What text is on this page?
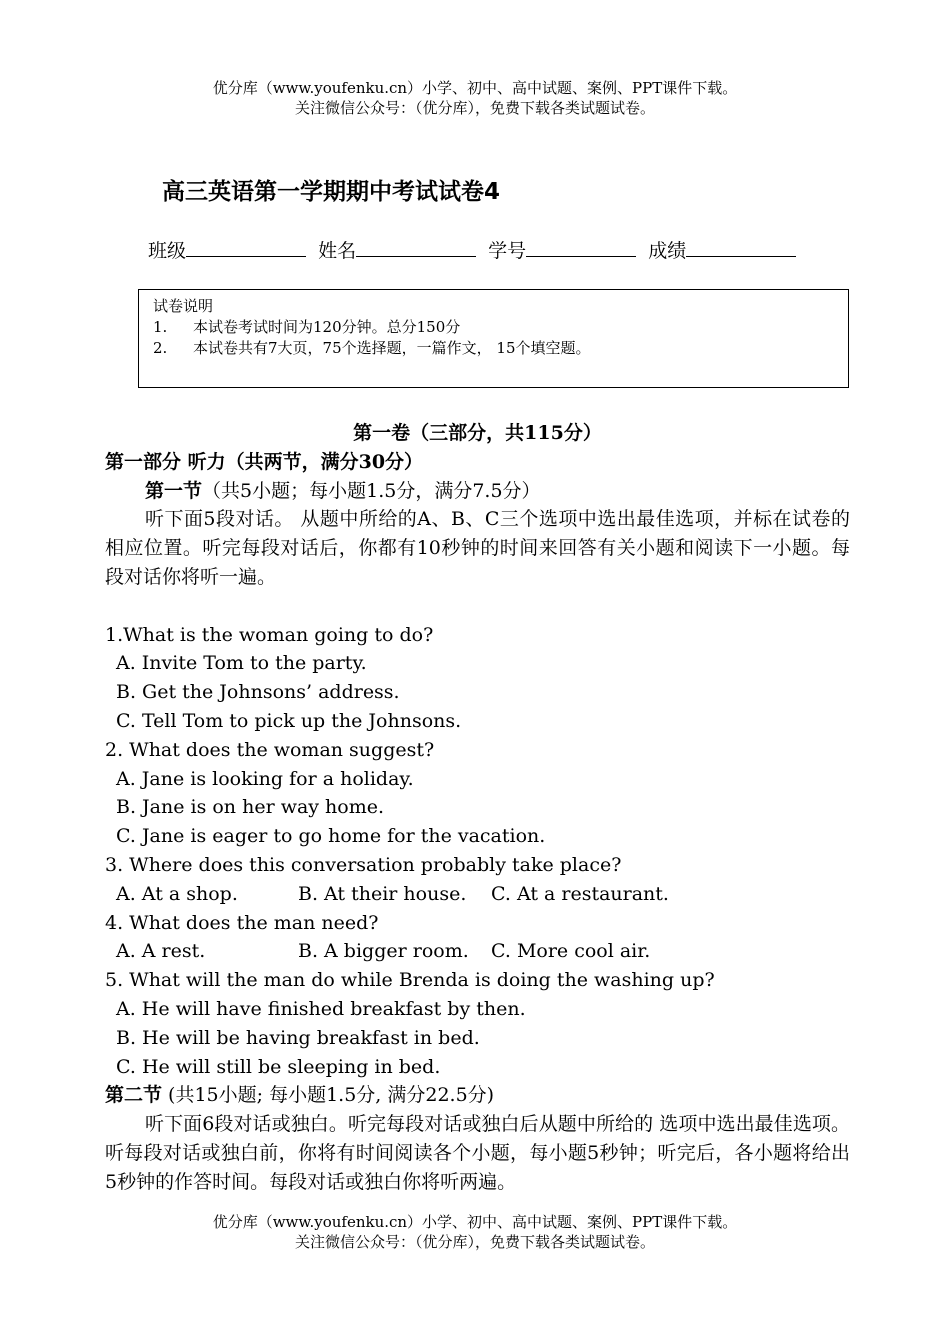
优分库（www.youfenku.cn）小学、初中、高中试题、案例、PPT课件下载。
关注微信公众号：（优分库），免费下载各类试题试卷。
高三英语第一学期期中考试试卷4
班级	姓名	学号	成绩
试卷说明
1. 本试卷考试时间为120分钟。总分150分
2. 本试卷共有7大页，75个选择题，一篇作文， 15个填空题。
第一卷（三部分，共115分）
第一部分 听力（共两节，满分30分）
第一节（共5小题；每小题1.5分，满分7.5分）
听下面5段对话。 从题中所给的A、B、C三个选项中选出最佳选项，并标在试卷的相应位置。听完每段对话后，你都有10秒钟的时间来回答有关小题和阅读下一小题。每段对话你将听一遍。
1.What is the woman going to do?
A. Invite Tom to the party.
B. Get the Johnsons’ address.
C. Tell Tom to pick up the Johnsons.
2. What does the woman suggest?
A. Jane is looking for a holiday.
B. Jane is on her way home.
C. Jane is eager to go home for the vacation.
3. Where does this conversation probably take place?
A. At a shop.	B. At their house. C. At a restaurant.
4. What does the man need?
A. A rest.	B. A bigger room. C. More cool air.
5. What will the man do while Brenda is doing the washing up?
A. He will have finished breakfast by then.
B. He will be having breakfast in bed.
C. He will still be sleeping in bed.
第二节 (共15小题; 每小题1.5分, 满分22.5分)
听下面6段对话或独白。听完每段对话或独白后从题中所给的 选项中选出最佳选项。听每段对话或独白前，你将有时间阅读各个小题，每小题5秒钟；听完后，各小题将给出5秒钟的作答时间。每段对话或独白你将听两遍。
优分库（www.youfenku.cn）小学、初中、高中试题、案例、PPT课件下载。
关注微信公众号：（优分库），免费下载各类试题试卷。
